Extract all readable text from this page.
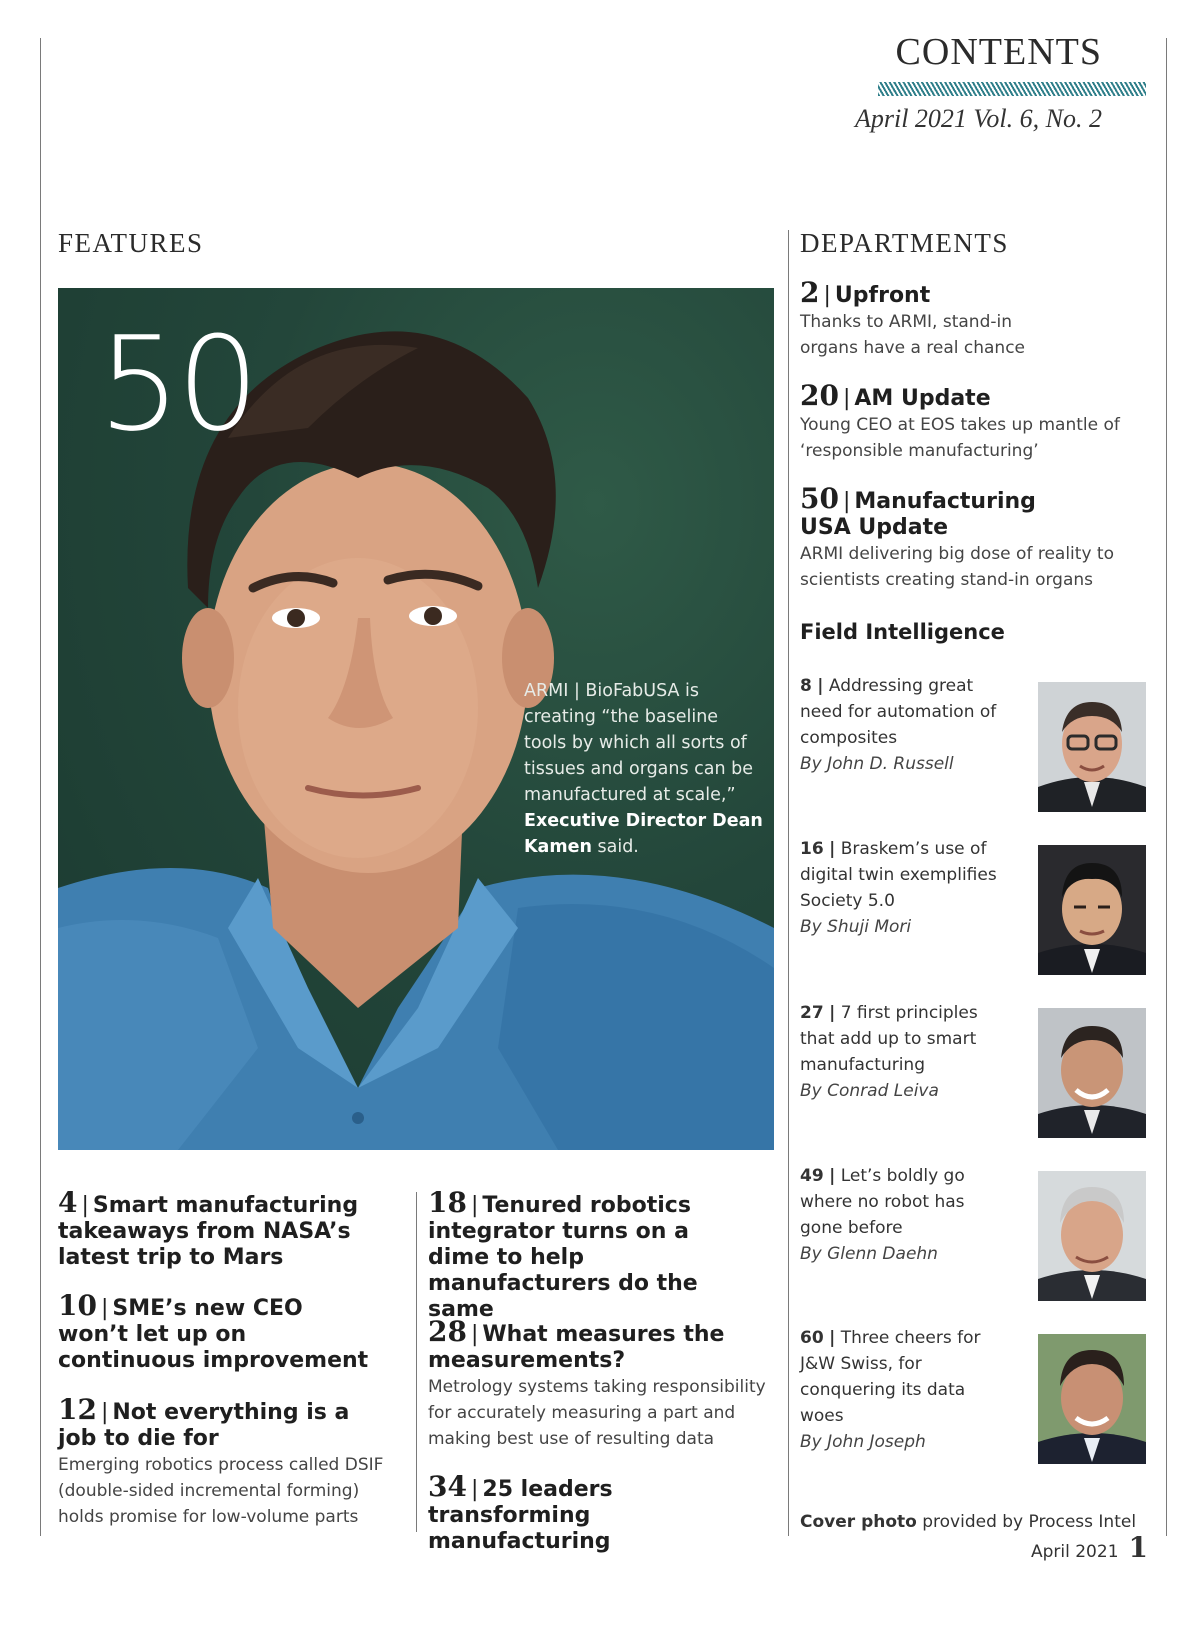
CONTENTS
April 2021 Vol. 6, No. 2
FEATURES
50
ARMI | BioFabUSA is creating “the baseline tools by which all sorts of tissues and organs can be manufactured at scale,” Executive Director Dean Kamen said.
4 | Smart manufacturing takeaways from NASA’s latest trip to Mars
10 | SME’s new CEO won’t let up on continuous improvement
12 | Not everything is a job to die for
Emerging robotics process called DSIF (double-sided incremental forming) holds promise for low-volume parts
18 | Tenured robotics integrator turns on a dime to help manufacturers do the same
28 | What measures the measurements?
Metrology systems taking responsibility for accurately measuring a part and making best use of resulting data
34 | 25 leaders transforming manufacturing
DEPARTMENTS
2 | Upfront
Thanks to ARMI, stand-in organs have a real chance
20 | AM Update
Young CEO at EOS takes up mantle of ‘responsible manufacturing’
50 | Manufacturing USA Update
ARMI delivering big dose of reality to scientists creating stand-in organs
Field Intelligence
8 | Addressing great need for automation of composites
By John D. Russell
16 | Braskem’s use of digital twin exemplifies Society 5.0
By Shuji Mori
27 | 7 first principles that add up to smart manufacturing
By Conrad Leiva
49 | Let’s boldly go where no robot has gone before
By Glenn Daehn
60 | Three cheers for J&W Swiss, for conquering its data woes
By John Joseph
Cover photo provided by Process Intel
April 2021 1
